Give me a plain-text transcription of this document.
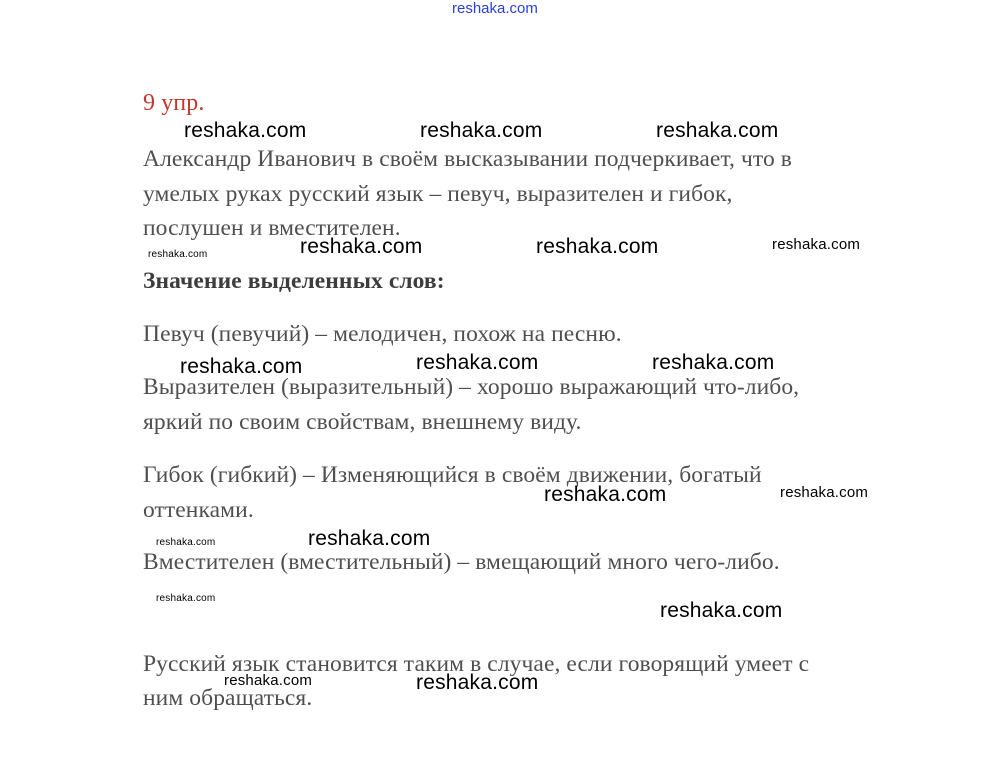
reshaka.com
9 упр.
Александр Иванович в своём высказывании подчеркивает, что в
умелых руках русский язык – певуч, выразителен и гибок,
послушен и вместителен.
Значение выделенных слов:
Певуч (певучий) – мелодичен, похож на песню.
Выразителен (выразительный) – хорошо выражающий что-либо,
яркий по своим свойствам, внешнему виду.
Гибок (гибкий) – Изменяющийся в своём движении, богатый
оттенками.
Вместителен (вместительный) – вмещающий много чего-либо.
Русский язык становится таким в случае, если говорящий умеет с
ним обращаться.
reshaka.com	reshaka.com	reshaka.com
reshaka.com	reshaka.com	reshaka.com	reshaka.com
reshaka.com	reshaka.com	reshaka.com
reshaka.com	reshaka.com
reshaka.com	reshaka.com
reshaka.com
reshaka.com
reshaka.com	reshaka.com
